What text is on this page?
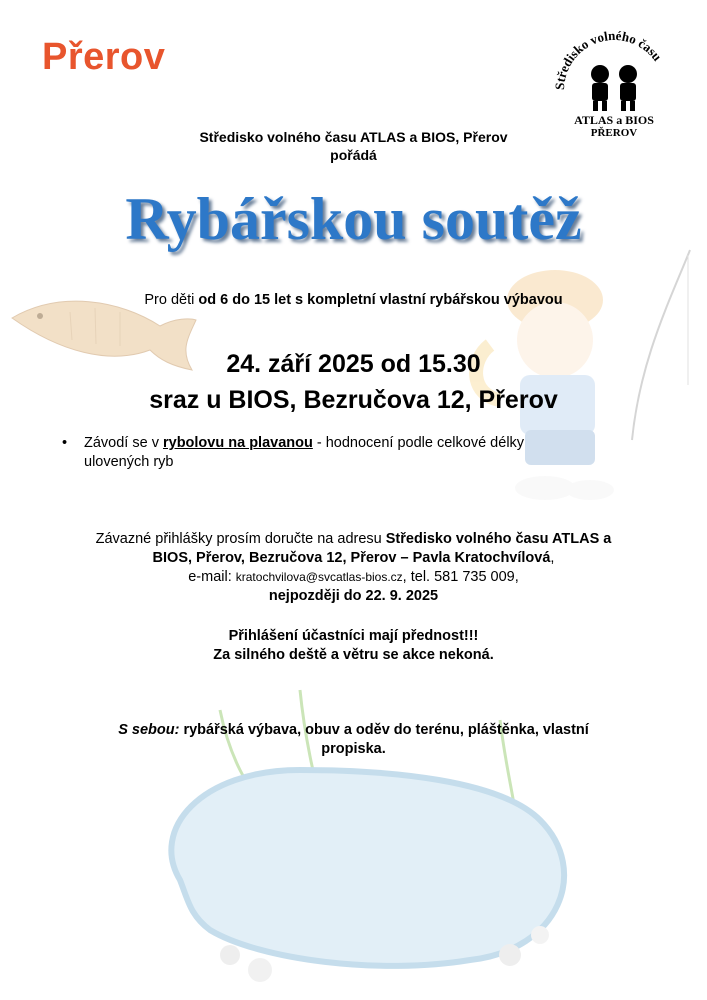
Přerov
Středisko volného času
ATLAS a BIOS
PŘEROV
Středisko volného času ATLAS a BIOS, Přerov
pořádá
Rybářskou soutěž
Pro děti od 6 do 15 let s kompletní vlastní rybářskou výbavou
24. září 2025 od 15.30
sraz u BIOS, Bezručova 12, Přerov
• Závodí se v rybolovu na plavanou - hodnocení podle celkové délky
ulovených ryb
Závazné přihlášky prosím doručte na adresu Středisko volného času ATLAS a
BIOS, Přerov, Bezručova 12, Přerov – Pavla Kratochvílová,
e-mail: kratochvilova@svcatlas-bios.cz, tel. 581 735 009,
nejpozději do 22. 9. 2025
Přihlášení účastníci mají přednost!!!
Za silného deště a větru se akce nekoná.
S sebou: rybářská výbava, obuv a oděv do terénu, pláštěnka, vlastní
propiska.
